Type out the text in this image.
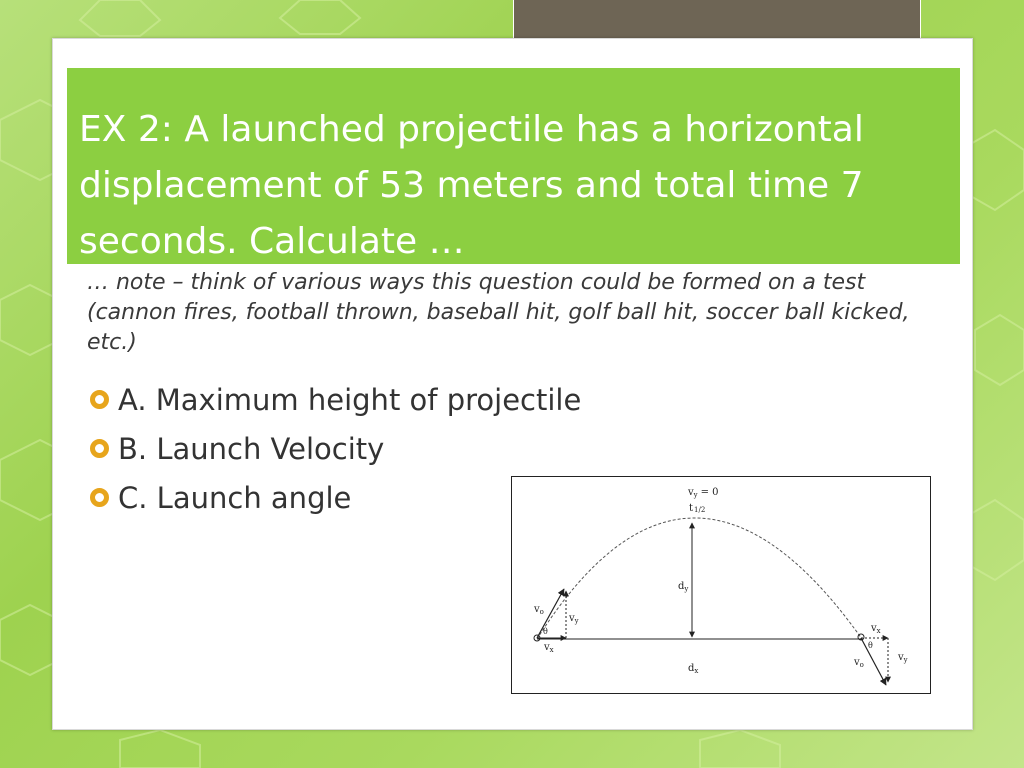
EX 2: A launched projectile has a horizontal displacement of 53 meters and total time 7 seconds. Calculate …
… note – think of various ways this question could be formed on a test (cannon fires, football thrown, baseball hit, golf ball hit, soccer ball kicked, etc.)
A. Maximum height of projectile
B. Launch Velocity
C. Launch angle	$v_y = 0$
t1/2
$d_y$
$d_x$
$v_o$
$v_y$
$v_x$
θ	$v_x$
$v_y$
$v_o$
θ
